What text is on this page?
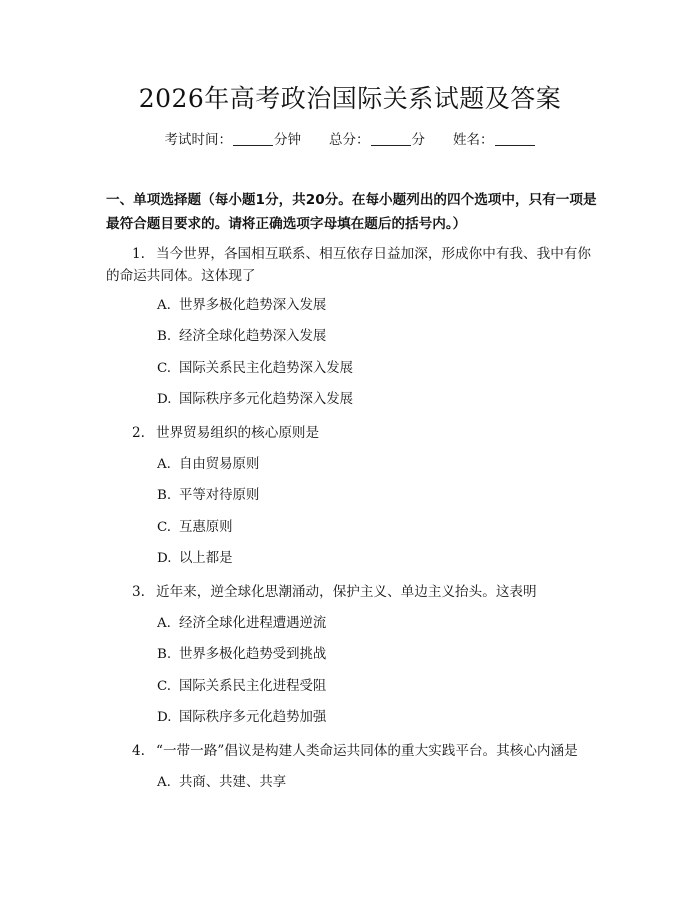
2026年高考政治国际关系试题及答案
考试时间：	分钟 总分：	分 姓名：
一、单项选择题（每小题1分，共20分。在每小题列出的四个选项中，只有一项是最符合题目要求的。请将正确选项字母填在题后的括号内。）
1. 当今世界，各国相互联系、相互依存日益加深，形成你中有我、我中有你的命运共同体。这体现了
A. 世界多极化趋势深入发展
B. 经济全球化趋势深入发展
C. 国际关系民主化趋势深入发展
D. 国际秩序多元化趋势深入发展
2. 世界贸易组织的核心原则是
A. 自由贸易原则
B. 平等对待原则
C. 互惠原则
D. 以上都是
3. 近年来，逆全球化思潮涌动，保护主义、单边主义抬头。这表明
A. 经济全球化进程遭遇逆流
B. 世界多极化趋势受到挑战
C. 国际关系民主化进程受阻
D. 国际秩序多元化趋势加强
4. “一带一路”倡议是构建人类命运共同体的重大实践平台。其核心内涵是
A. 共商、共建、共享
